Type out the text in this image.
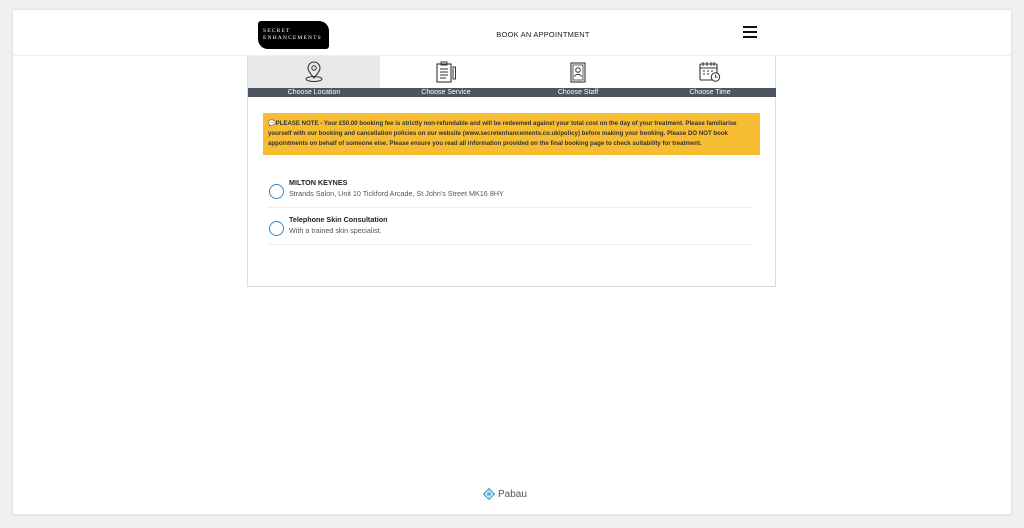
SECRET
ENHANCEMENTS	BOOK AN APPOINTMENT
Choose Location	Choose Service	Choose Staff	Choose Time
💬PLEASE NOTE - Your £50.00 booking fee is strictly non-refundable and will be redeemed against your total cost on the day of your treatment. Please familiarise yourself with our booking and cancellation policies on our website (www.secretenhancements.co.uk/policy) before making your booking. Please DO NOT book appointments on behalf of someone else. Please ensure you read all information provided on the final booking page to check suitability for treatment.
MILTON KEYNES
Strands Salon, Unit 10 Tickford Arcade, St John's Street MK16 8HY
Telephone Skin Consultation
With a trained skin specialist.
Pabau
